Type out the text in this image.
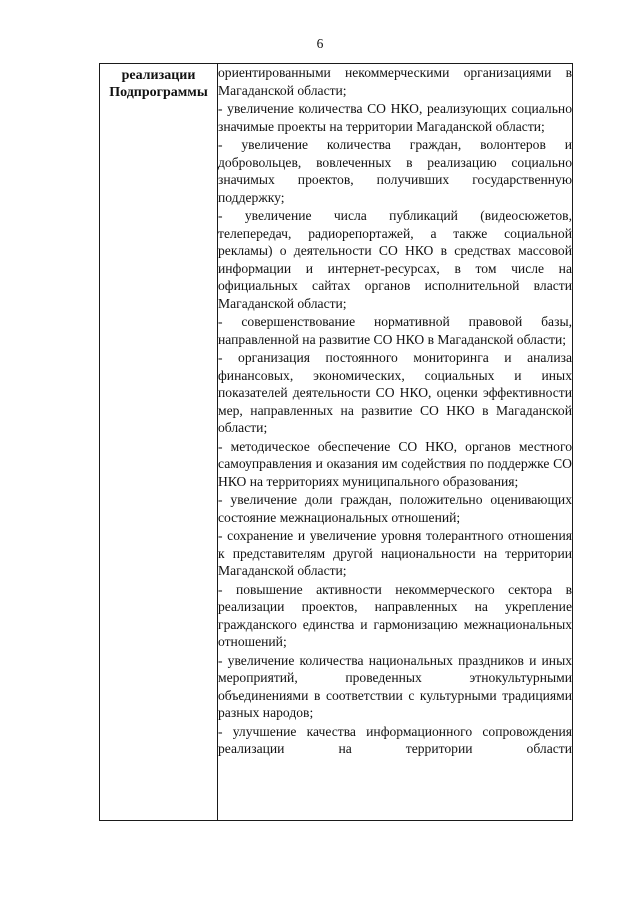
6
реализации
Подпрограммы

ориентированными некоммерческими организациями в Магаданской области;

- увеличение количества СО НКО, реализующих социально значимые проекты на территории Магаданской области;

- увеличение количества граждан, волонтеров и добровольцев, вовлеченных в реализацию социально значимых проектов, получивших государственную поддержку;

- увеличение числа публикаций (видеосюжетов, телепередач, радиорепортажей, а также социальной рекламы) о деятельности СО НКО в средствах массовой информации и интернет-ресурсах, в том числе на официальных сайтах органов исполнительной власти Магаданской области;

- совершенствование нормативной правовой базы, направленной на развитие СО НКО в Магаданской области;

- организация постоянного мониторинга и анализа финансовых, экономических, социальных и иных показателей деятельности СО НКО, оценки эффективности мер, направленных на развитие СО НКО в Магаданской области;

- методическое обеспечение СО НКО, органов местного самоуправления и оказания им содействия по поддержке СО НКО на территориях муниципального образования;

- увеличение доли граждан, положительно оценивающих состояние межнациональных отношений;

- сохранение и увеличение уровня толерантного отношения к представителям другой национальности на территории Магаданской области;

- повышение активности некоммерческого сектора в реализации проектов, направленных на укрепление гражданского единства и гармонизацию межнациональных отношений;

- увеличение количества национальных праздников и иных мероприятий, проведенных этнокультурными объединениями в соответствии с культурными традициями разных народов;

- улучшение качества информационного сопровождения реализации на территории области
